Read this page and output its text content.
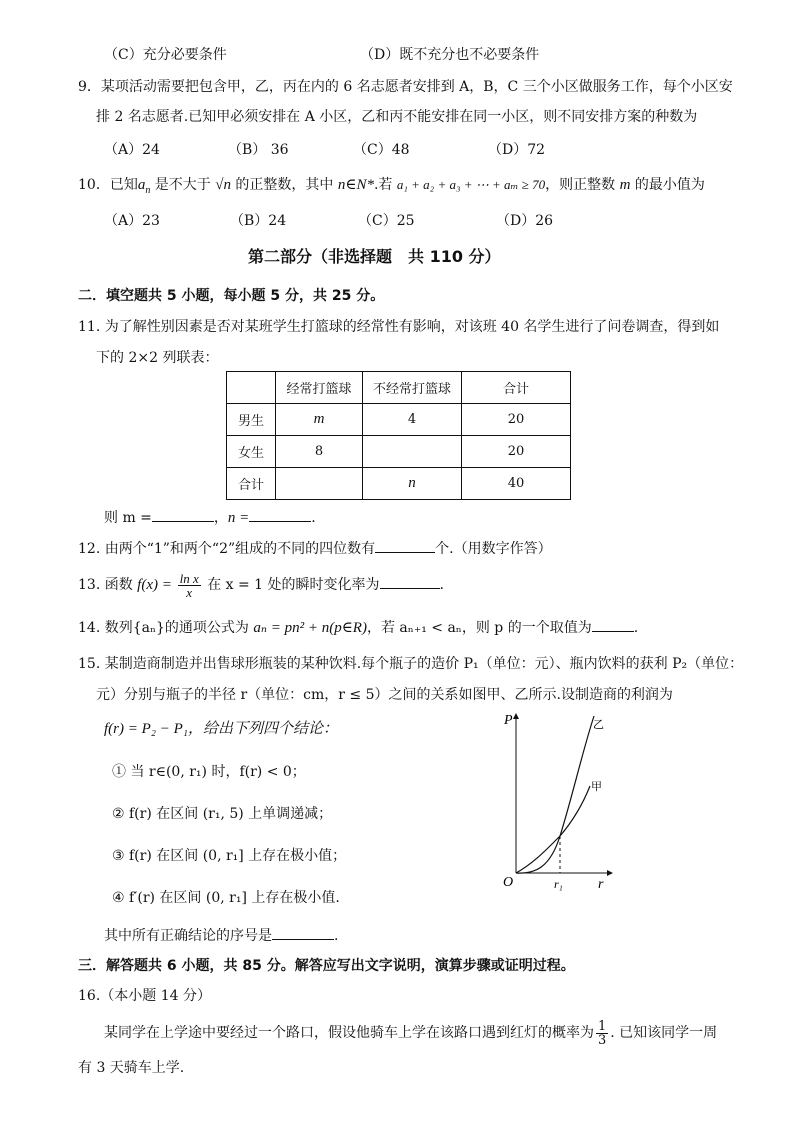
（C）充分必要条件	（D）既不充分也不必要条件
9．某项活动需要把包含甲，乙，丙在内的 6 名志愿者安排到 A，B，C 三个小区做服务工作，每个小区安
排 2 名志愿者.已知甲必须安排在 A 小区，乙和丙不能安排在同一小区，则不同安排方案的种数为
（A）24	（B） 36	（C）48	（D）72
10．已知$a_n$ 是不大于 √n 的正整数，其中 n∈N*.若 a₁ + a₂ + a₃ + ⋯ + aₘ ≥ 70，则正整数 m 的最小值为
（A）23	（B）24	（C）25	（D）26
第二部分（非选择题　共 110 分）
二．填空题共 5 小题，每小题 5 分，共 25 分。
11. 为了解性别因素是否对某班学生打篮球的经常性有影响，对该班 40 名学生进行了问卷调查，得到如
下的 2×2 列联表：
	经常打篮球	不经常打篮球	合计
男生	m	4	20
女生	8		20
合计		n	40
则 m =	，n =	.
12. 由两个“1”和两个“2”组成的不同的四位数有	个.（用数字作答）
13. 函数 $f(x) = \frac{\text{ln x}}{x}$ 在 x = 1 处的瞬时变化率为	.
14. 数列{aₙ}的通项公式为 aₙ = pn² + n(p∈R)，若 aₙ₊₁ < aₙ，则 p 的一个取值为	.
15. 某制造商制造并出售球形瓶装的某种饮料.每个瓶子的造价 P₁（单位：元）、瓶内饮料的获利 P₂（单位：
元）分别与瓶子的半径 r（单位：cm，r ≤ 5）之间的关系如图甲、乙所示.设制造商的利润为
f(r) = P₂ − P₁，给出下列四个结论：
① 当 r∈(0, r₁) 时，f(r) < 0；
② f(r) 在区间 (r₁, 5) 上单调递减；
③ f(r) 在区间 (0, r₁] 上存在极小值；
④ f′(r) 在区间 (0, r₁] 上存在极小值.
其中所有正确结论的序号是	.
P
r
O	r₁
乙
甲
三．解答题共 6 小题，共 85 分。解答应写出文字说明，演算步骤或证明过程。
16.（本小题 14 分）
某同学在上学途中要经过一个路口，假设他骑车上学在该路口遇到红灯的概率为 $\frac{1}{3}$ . 已知该同学一周
有 3 天骑车上学.
